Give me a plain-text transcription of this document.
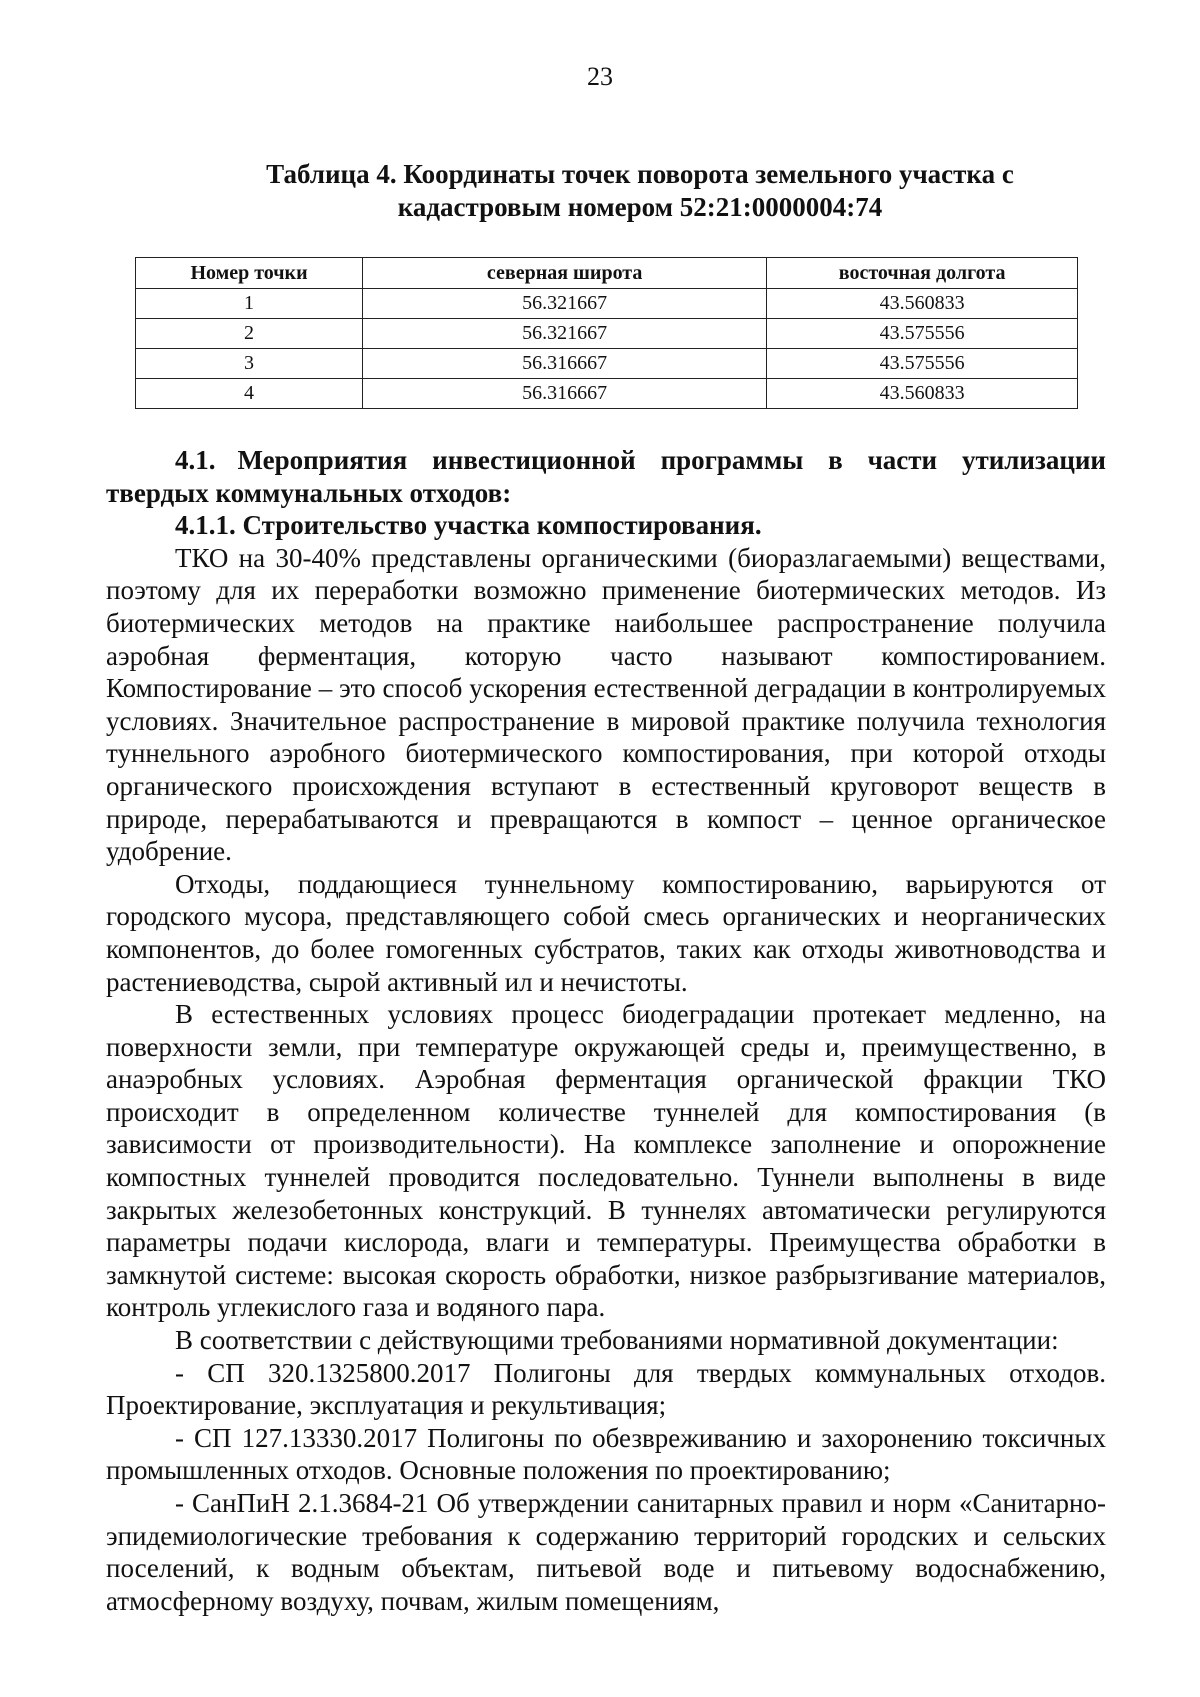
23
Таблица 4. Координаты точек поворота земельного участка с кадастровым номером 52:21:0000004:74
Номер точки	северная широта	восточная долгота
1	56.321667	43.560833
2	56.321667	43.575556
3	56.316667	43.575556
4	56.316667	43.560833

4.1. Мероприятия инвестиционной программы в части утилизации твердых коммунальных отходов:

4.1.1. Строительство участка компостирования.

ТКО на 30-40% представлены органическими (биоразлагаемыми) веществами, поэтому для их переработки возможно применение биотермических методов. Из биотермических методов на практике наибольшее распространение получила аэробная ферментация, которую часто называют компостированием. Компостирование – это способ ускорения естественной деградации в контролируемых условиях. Значительное распространение в мировой практике получила технология туннельного аэробного биотермического компостирования, при которой отходы органического происхождения вступают в естественный круговорот веществ в природе, перерабатываются и превращаются в компост – ценное органическое удобрение.

Отходы, поддающиеся туннельному компостированию, варьируются от городского мусора, представляющего собой смесь органических и неорганических компонентов, до более гомогенных субстратов, таких как отходы животноводства и растениеводства, сырой активный ил и нечистоты.

В естественных условиях процесс биодеградации протекает медленно, на поверхности земли, при температуре окружающей среды и, преимущественно, в анаэробных условиях. Аэробная ферментация органической фракции ТКО происходит в определенном количестве туннелей для компостирования (в зависимости от производительности). На комплексе заполнение и опорожнение компостных туннелей проводится последовательно. Туннели выполнены в виде закрытых железобетонных конструкций. В туннелях автоматически регулируются параметры подачи кислорода, влаги и температуры. Преимущества обработки в замкнутой системе: высокая скорость обработки, низкое разбрызгивание материалов, контроль углекислого газа и водяного пара.

В соответствии с действующими требованиями нормативной документации:

- СП 320.1325800.2017 Полигоны для твердых коммунальных отходов. Проектирование, эксплуатация и рекультивация;

- СП 127.13330.2017 Полигоны по обезвреживанию и захоронению токсичных промышленных отходов. Основные положения по проектированию;

- СанПиН 2.1.3684-21 Об утверждении санитарных правил и норм «Санитарно-эпидемиологические требования к содержанию территорий городских и сельских поселений, к водным объектам, питьевой воде и питьевому водоснабжению, атмосферному воздуху, почвам, жилым помещениям,
